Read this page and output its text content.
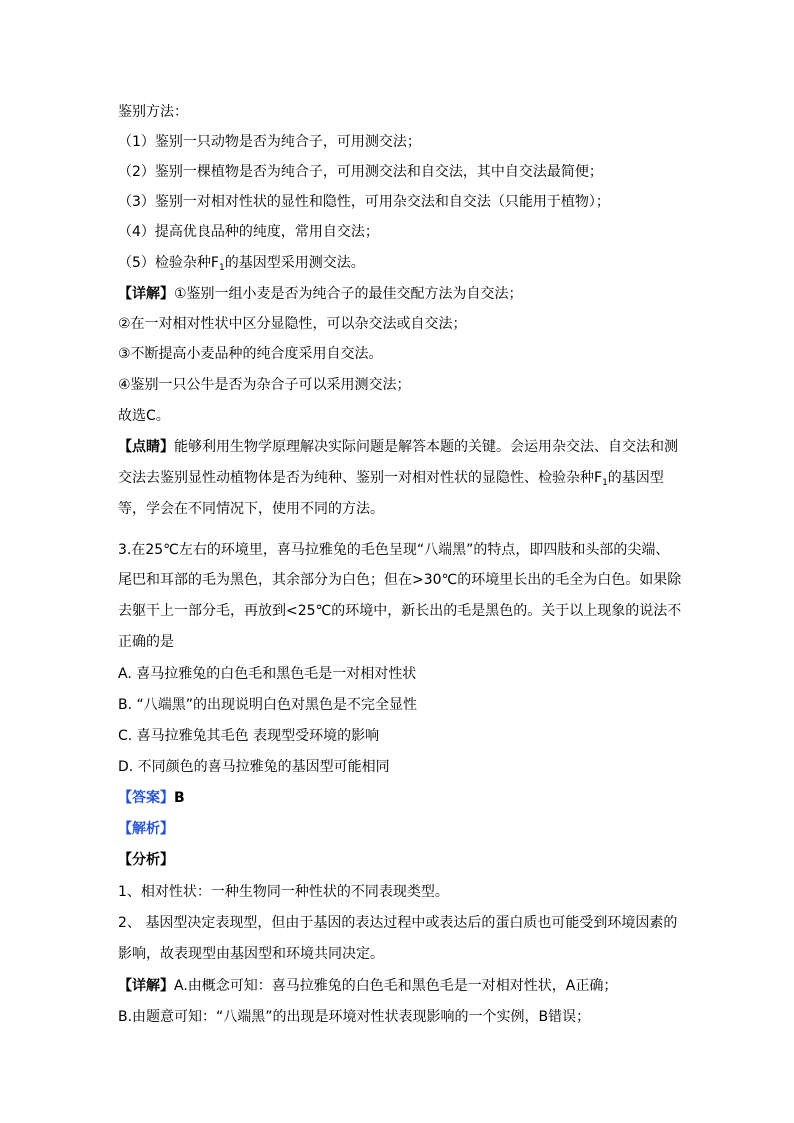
鉴别方法：
（1）鉴别一只动物是否为纯合子，可用测交法；
（2）鉴别一棵植物是否为纯合子，可用测交法和自交法，其中自交法最简便；
（3）鉴别一对相对性状的显性和隐性，可用杂交法和自交法（只能用于植物）；
（4）提高优良品种的纯度，常用自交法；
（5）检验杂种$F_1$的基因型采用测交法。
【详解】①鉴别一组小麦是否为纯合子的最佳交配方法为自交法；
②在一对相对性状中区分显隐性，可以杂交法或自交法；
③不断提高小麦品种的纯合度采用自交法。
④鉴别一只公牛是否为杂合子可以采用测交法；
故选C。
【点睛】能够利用生物学原理解决实际问题是解答本题的关键。会运用杂交法、自交法和测
交法去鉴别显性动植物体是否为纯种、鉴别一对相对性状的显隐性、检验杂种$F_1$的基因型
等，学会在不同情况下，使用不同的方法。
3.在25℃左右的环境里，喜马拉雅兔的毛色呈现“八端黑”的特点，即四肢和头部的尖端、
尾巴和耳部的毛为黑色，其余部分为白色；但在>30℃的环境里长出的毛全为白色。如果除
去躯干上一部分毛，再放到<25℃的环境中，新长出的毛是黑色的。关于以上现象的说法不
正确的是
A. 喜马拉雅兔的白色毛和黑色毛是一对相对性状
B. “八端黑”的出现说明白色对黑色是不完全显性
C. 喜马拉雅兔其毛色 表现型受环境的影响
D. 不同颜色的喜马拉雅兔的基因型可能相同
【答案】B
【解析】
【分析】
1、相对性状：一种生物同一种性状的不同表现类型。
2、 基因型决定表现型，但由于基因的表达过程中或表达后的蛋白质也可能受到环境因素的
影响，故表现型由基因型和环境共同决定。
【详解】A.由概念可知：喜马拉雅兔的白色毛和黑色毛是一对相对性状，A正确；
B.由题意可知：“八端黑”的出现是环境对性状表现影响的一个实例，B错误；
